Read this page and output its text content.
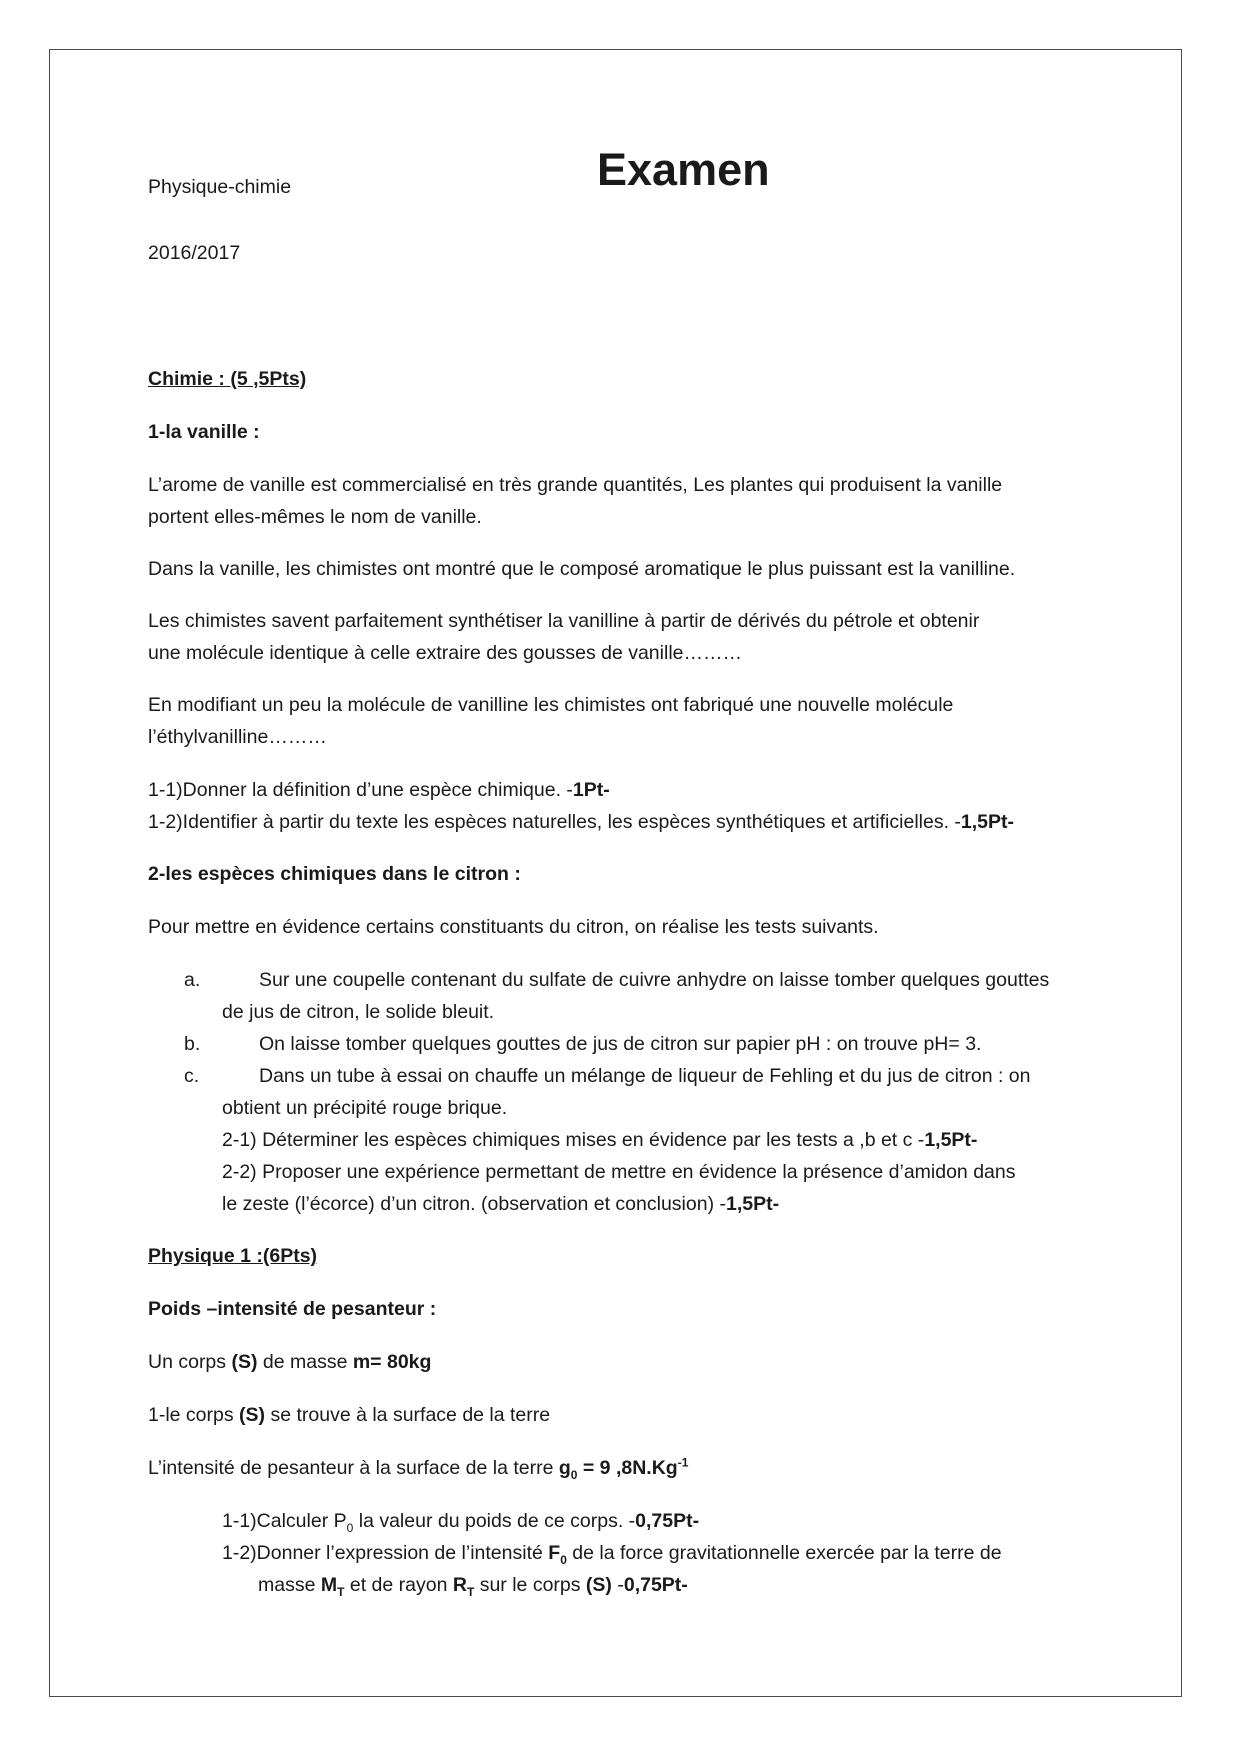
Physique-chimie	Examen

2016/2017

Chimie : (5 ,5Pts)

1-la vanille :

L’arome de vanille est commercialisé en très grande quantités, Les plantes qui produisent la vanille

portent elles-mêmes le nom de vanille.

Dans la vanille, les chimistes ont montré que le composé aromatique le plus puissant est la vanilline.

Les chimistes savent parfaitement synthétiser la vanilline à partir de dérivés du pétrole et obtenir

une molécule identique à celle extraire des gousses de vanille………

En modifiant un peu la molécule de vanilline les chimistes ont fabriqué une nouvelle molécule

l’éthylvanilline………

1-1)Donner la définition d’une espèce chimique. -1Pt-

1-2)Identifier à partir du texte les espèces naturelles, les espèces synthétiques et artificielles. -1,5Pt-

2-les espèces chimiques dans le citron :

Pour mettre en évidence certains constituants du citron, on réalise les tests suivants.

a.	Sur une coupelle contenant du sulfate de cuivre anhydre on laisse tomber quelques gouttes

de jus de citron, le solide bleuit.

b.	On laisse tomber quelques gouttes de jus de citron sur papier pH : on trouve pH= 3.

c.	Dans un tube à essai on chauffe un mélange de liqueur de Fehling et du jus de citron : on

obtient un précipité rouge brique.

2-1) Déterminer les espèces chimiques mises en évidence par les tests a ,b et c -1,5Pt-

2-2) Proposer une expérience permettant de mettre en évidence la présence d’amidon dans

le zeste (l’écorce) d’un citron. (observation et conclusion) -1,5Pt-

Physique 1 :(6Pts)

Poids –intensité de pesanteur :

Un corps (S) de masse m= 80kg

1-le corps (S) se trouve à la surface de la terre

L’intensité de pesanteur à la surface de la terre $g_0 = 9$ $,8N.Kg^{-1}$

1-1)Calculer $P_0$ la valeur du poids de ce corps. -0,75Pt-

1-2)Donner l’expression de l’intensité $F_0$ de la force gravitationnelle exercée par la terre de

masse $M_T$ et de rayon $R_T$ sur le corps (S) -0,75Pt-
